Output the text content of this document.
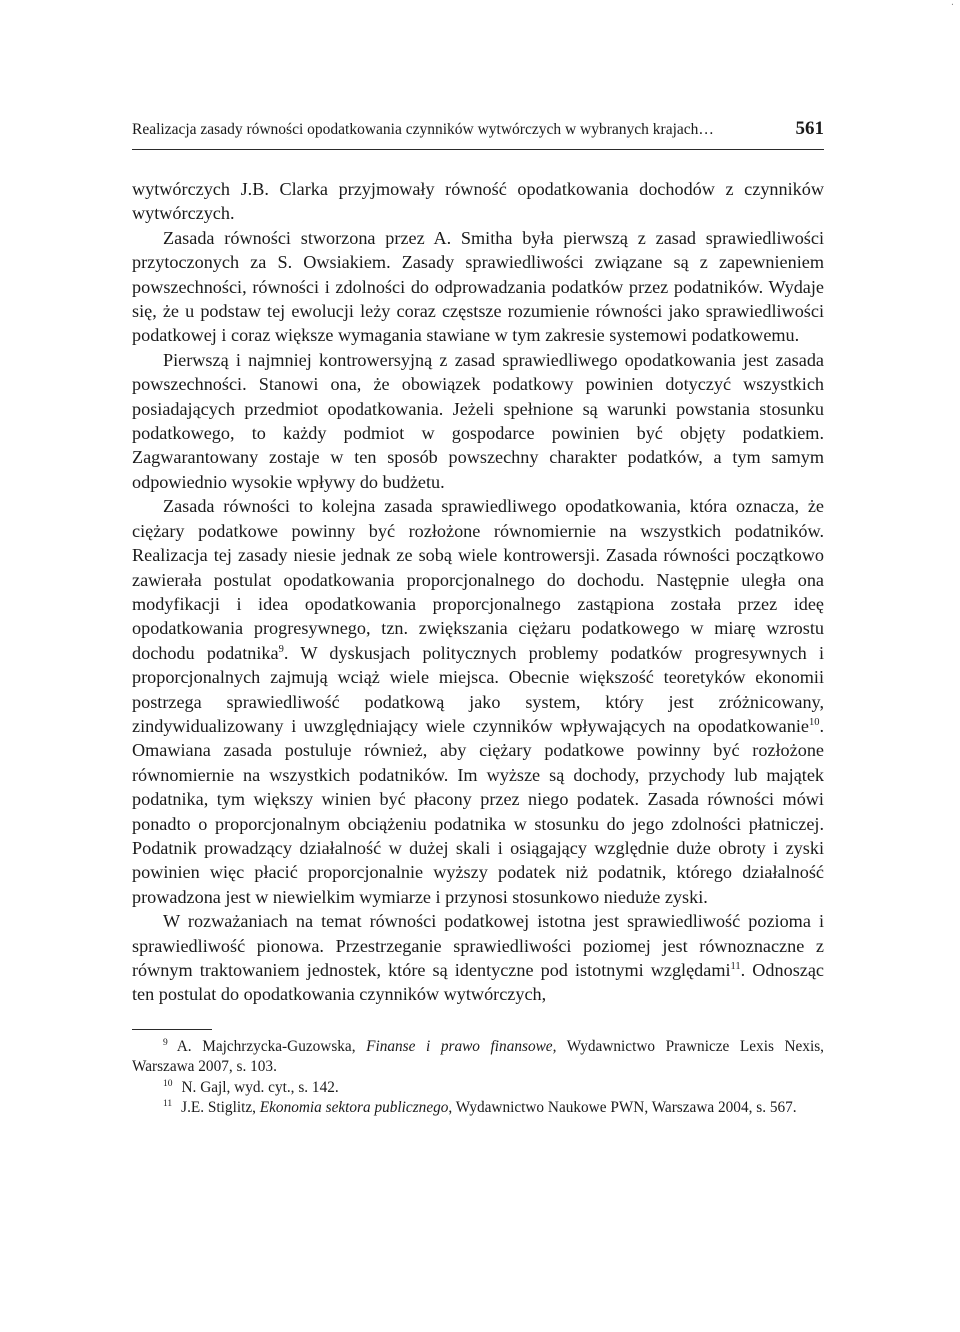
·
Realizacja zasady równości opodatkowania czynników wytwórczych w wybranych krajach…	561

wytwórczych J.B. Clarka przyjmowały równość opodatkowania dochodów z czynników wytwórczych.

Zasada równości stworzona przez A. Smitha była pierwszą z zasad sprawiedliwości przytoczonych za S. Owsiakiem. Zasady sprawiedliwości związane są z zapewnieniem powszechności, równości i zdolności do odprowadzania podatków przez podatników. Wydaje się, że u podstaw tej ewolucji leży coraz częstsze rozumienie równości jako sprawiedliwości podatkowej i coraz większe wymagania stawiane w tym zakresie systemowi podatkowemu.

Pierwszą i najmniej kontrowersyjną z zasad sprawiedliwego opodatkowania jest zasada powszechności. Stanowi ona, że obowiązek podatkowy powinien dotyczyć wszystkich posiadających przedmiot opodatkowania. Jeżeli spełnione są warunki powstania stosunku podatkowego, to każdy podmiot w gospodarce powinien być objęty podatkiem. Zagwarantowany zostaje w ten sposób powszechny charakter podatków, a tym samym odpowiednio wysokie wpływy do budżetu.

Zasada równości to kolejna zasada sprawiedliwego opodatkowania, która oznacza, że ciężary podatkowe powinny być rozłożone równomiernie na wszystkich podatników. Realizacja tej zasady niesie jednak ze sobą wiele kontrowersji. Zasada równości początkowo zawierała postulat opodatkowania proporcjonalnego do dochodu. Następnie uległa ona modyfikacji i idea opodatkowania proporcjonalnego zastąpiona została przez ideę opodatkowania progresywnego, tzn. zwiększania ciężaru podatkowego w miarę wzrostu dochodu podatnika$^9$. W dyskusjach politycznych problemy podatków progresywnych i proporcjonalnych zajmują wciąż wiele miejsca. Obecnie większość teoretyków ekonomii postrzega sprawiedliwość podatkową jako system, który jest zróżnicowany, zindywidualizowany i uwzględniający wiele czynników wpływających na opodatkowanie$^{10}$. Omawiana zasada postuluje również, aby ciężary podatkowe powinny być rozłożone równomiernie na wszystkich podatników. Im wyższe są dochody, przychody lub majątek podatnika, tym większy winien być płacony przez niego podatek. Zasada równości mówi ponadto o proporcjonalnym obciążeniu podatnika w stosunku do jego zdolności płatniczej. Podatnik prowadzący działalność w dużej skali i osiągający względnie duże obroty i zyski powinien więc płacić proporcjonalnie wyższy podatek niż podatnik, którego działalność prowadzona jest w niewielkim wymiarze i przynosi stosunkowo nieduże zyski.

W rozważaniach na temat równości podatkowej istotna jest sprawiedliwość pozioma i sprawiedliwość pionowa. Przestrzeganie sprawiedliwości poziomej jest równoznaczne z równym traktowaniem jednostek, które są identyczne pod istotnymi względami$^{11}$. Odnosząc ten postulat do opodatkowania czynników wytwórczych,

$^9$ A. Majchrzycka-Guzowska, Finanse i prawo finansowe, Wydawnictwo Prawnicze Lexis Nexis, Warszawa 2007, s. 103.

$^{10}$ N. Gajl, wyd. cyt., s. 142.

$^{11}$ J.E. Stiglitz, Ekonomia sektora publicznego, Wydawnictwo Naukowe PWN, Warszawa 2004, s. 567.
